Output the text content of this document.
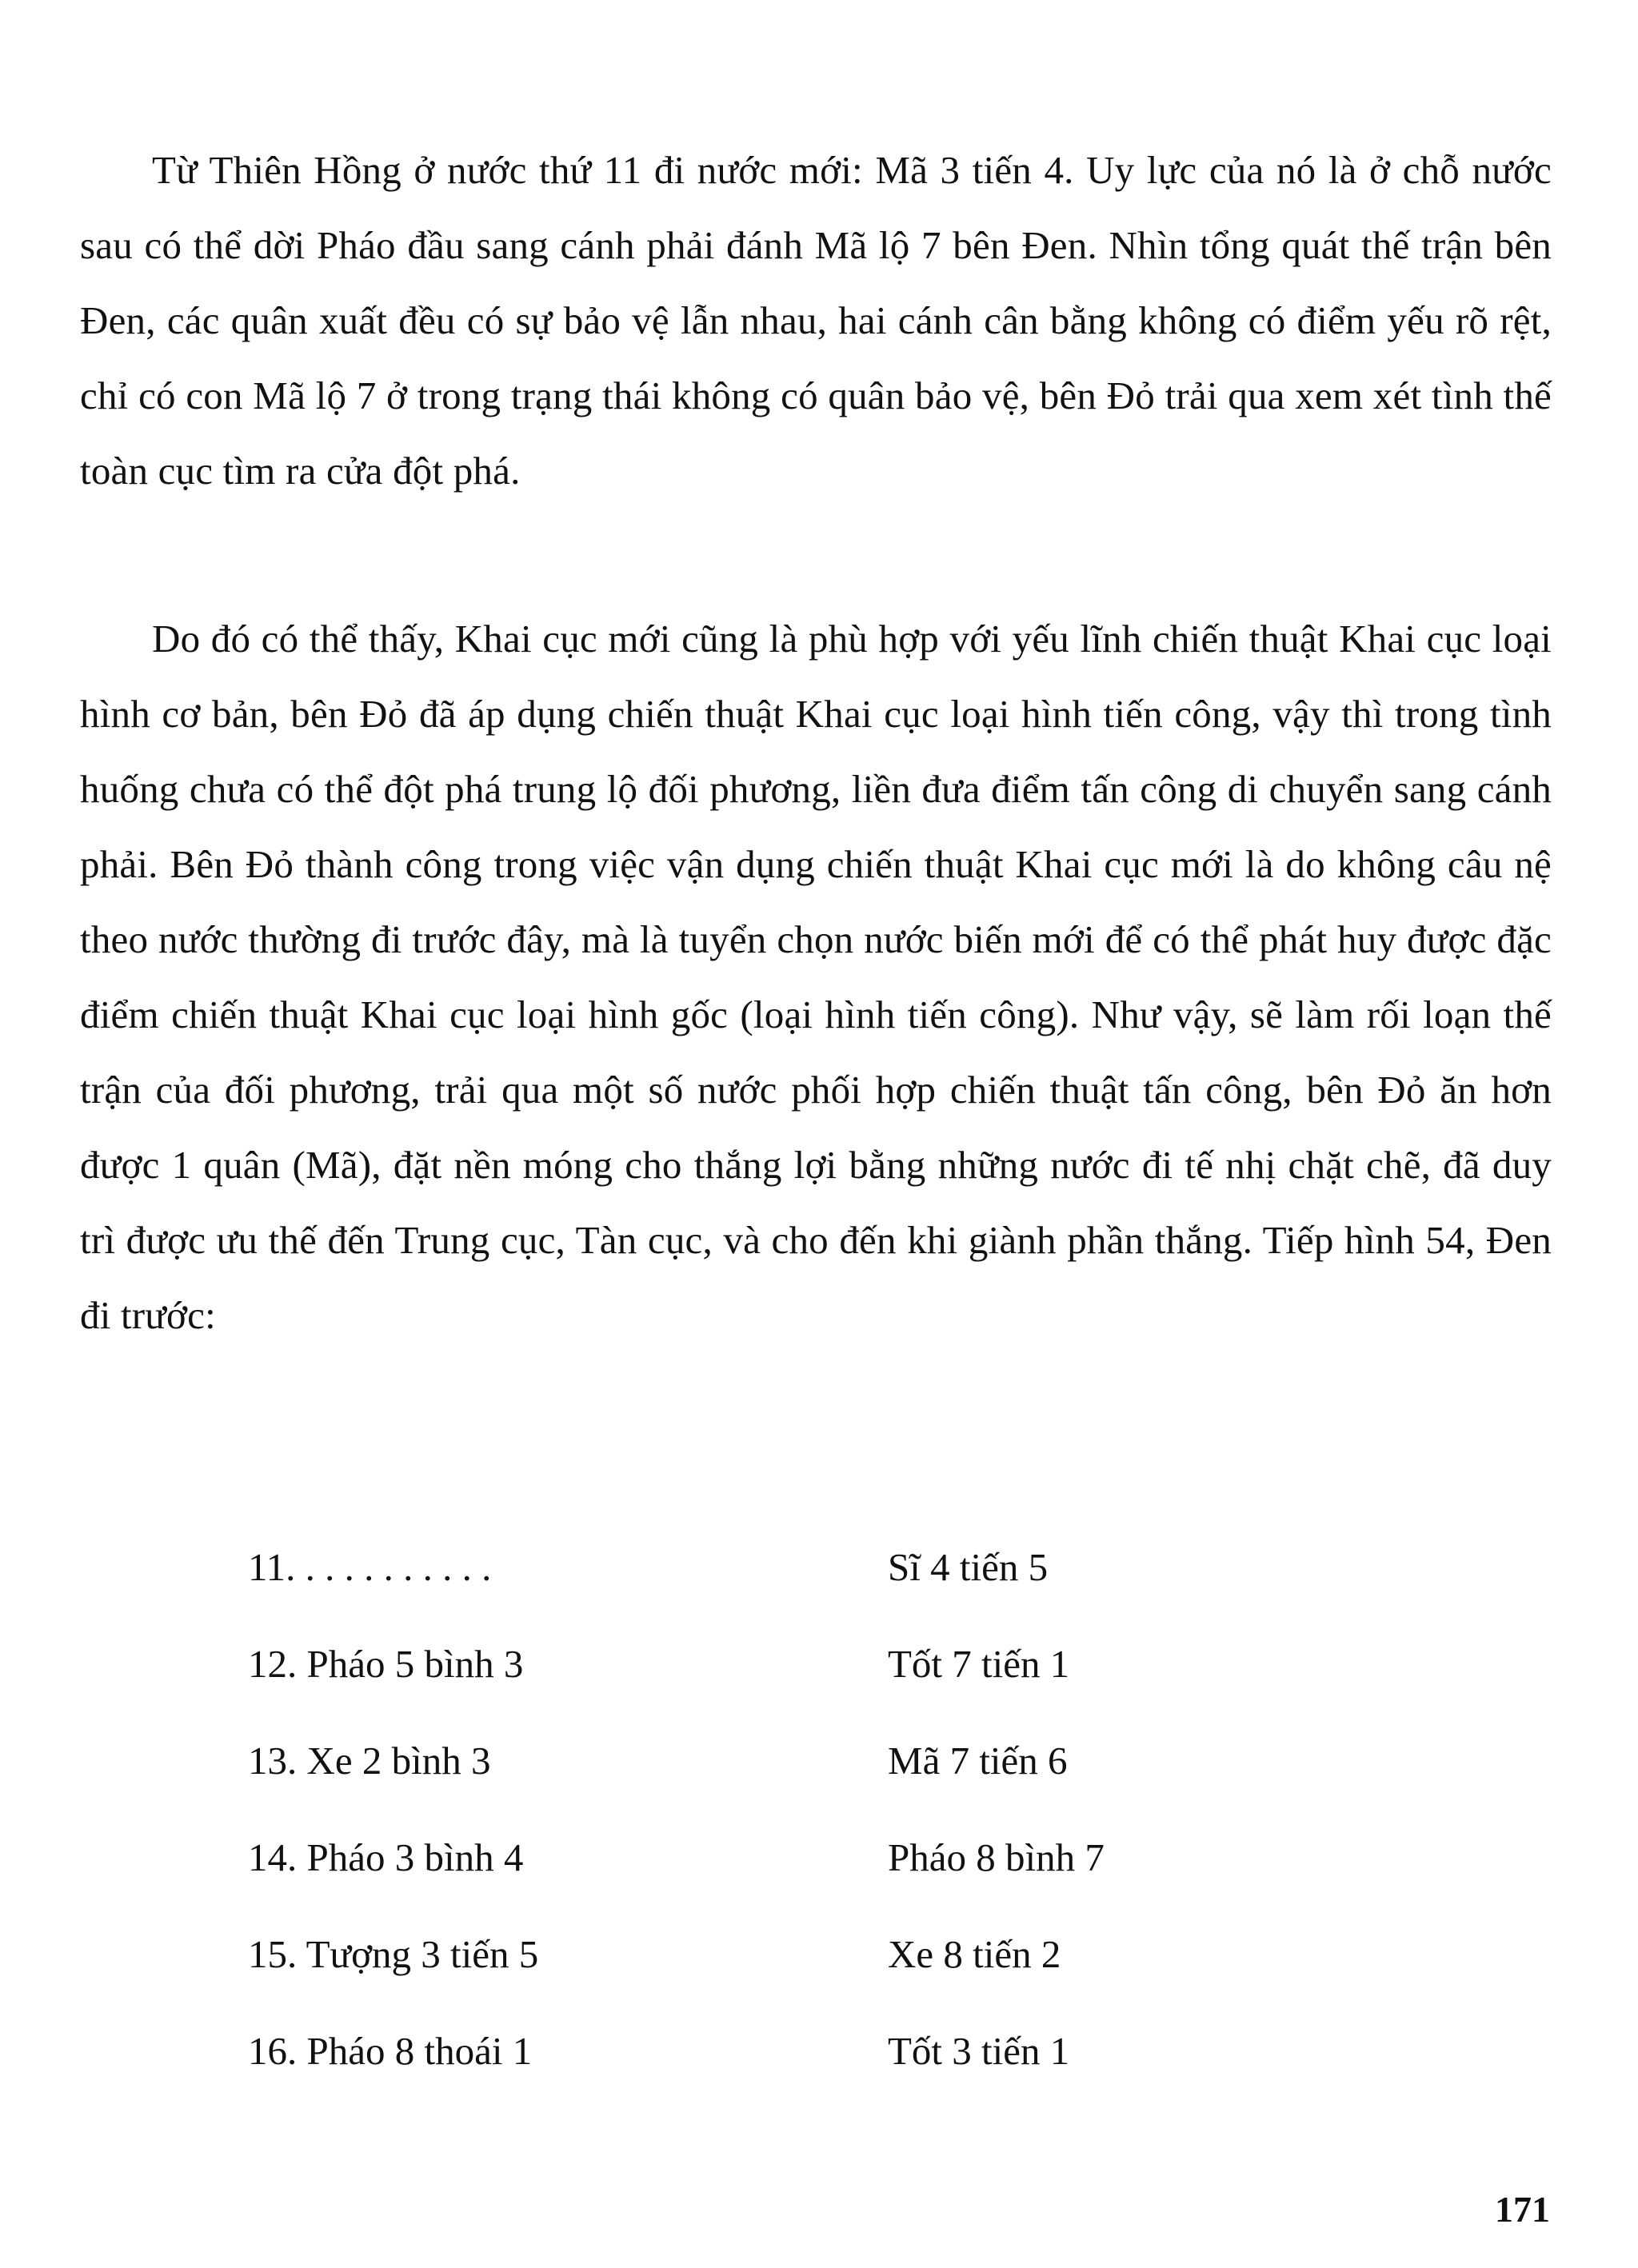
Từ Thiên Hồng ở nước thứ 11 đi nước mới: Mã 3 tiến 4. Uy lực của nó là ở chỗ nước sau có thể dời Pháo đầu sang cánh phải đánh Mã lộ 7 bên Đen. Nhìn tổng quát thế trận bên Đen, các quân xuất đều có sự bảo vệ lẫn nhau, hai cánh cân bằng không có điểm yếu rõ rệt, chỉ có con Mã lộ 7 ở trong trạng thái không có quân bảo vệ, bên Đỏ trải qua xem xét tình thế toàn cục tìm ra cửa đột phá.

Do đó có thể thấy, Khai cục mới cũng là phù hợp với yếu lĩnh chiến thuật Khai cục loại hình cơ bản, bên Đỏ đã áp dụng chiến thuật Khai cục loại hình tiến công, vậy thì trong tình huống chưa có thể đột phá trung lộ đối phương, liền đưa điểm tấn công di chuyển sang cánh phải. Bên Đỏ thành công trong việc vận dụng chiến thuật Khai cục mới là do không câu nệ theo nước thường đi trước đây, mà là tuyển chọn nước biến mới để có thể phát huy được đặc điểm chiến thuật Khai cục loại hình gốc (loại hình tiến công). Như vậy, sẽ làm rối loạn thế trận của đối phương, trải qua một số nước phối hợp chiến thuật tấn công, bên Đỏ ăn hơn được 1 quân (Mã), đặt nền móng cho thắng lợi bằng những nước đi tế nhị chặt chẽ, đã duy trì được ưu thế đến Trung cục, Tàn cục, và cho đến khi giành phần thắng. Tiếp hình 54, Đen đi trước:

11. . . . . . . . . . .	Sĩ 4 tiến 5
12. Pháo 5 bình 3	Tốt 7 tiến 1
13. Xe 2 bình 3	Mã 7 tiến 6
14. Pháo 3 bình 4	Pháo 8 bình 7
15. Tượng 3 tiến 5	Xe 8 tiến 2
16. Pháo 8 thoái 1	Tốt 3 tiến 1
171
